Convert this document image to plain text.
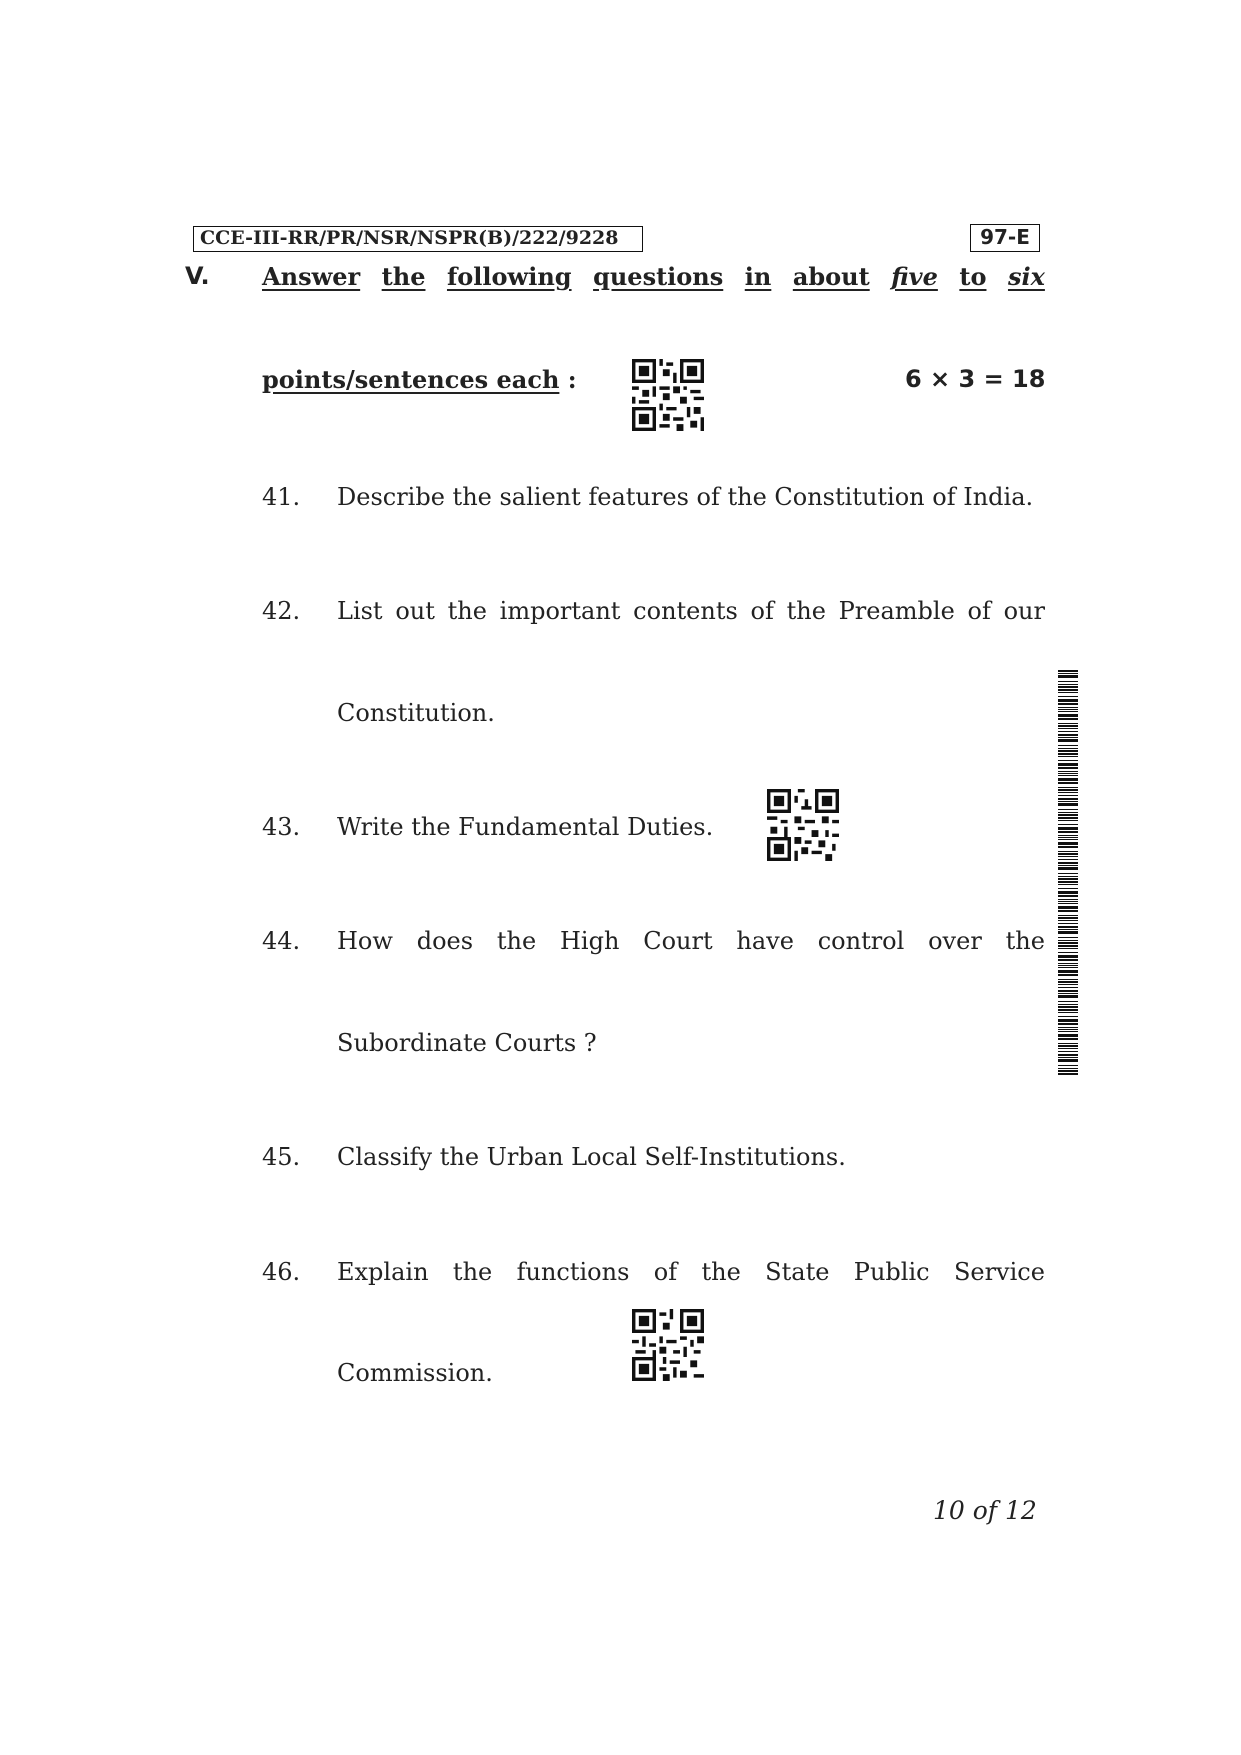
CCE-III-RR/PR/NSR/NSPR(B)/222/9228	97-E
V. Answer the following questions in about five to six
points/sentences each :	6 × 3 = 18
41. Describe the salient features of the Constitution of India.
42. List out the important contents of the Preamble of our
Constitution.
43. Write the Fundamental Duties.
44. How does the High Court have control over the
Subordinate Courts ?
45. Classify the Urban Local Self-Institutions.
46. Explain the functions of the State Public Service
Commission.
10 of 12
